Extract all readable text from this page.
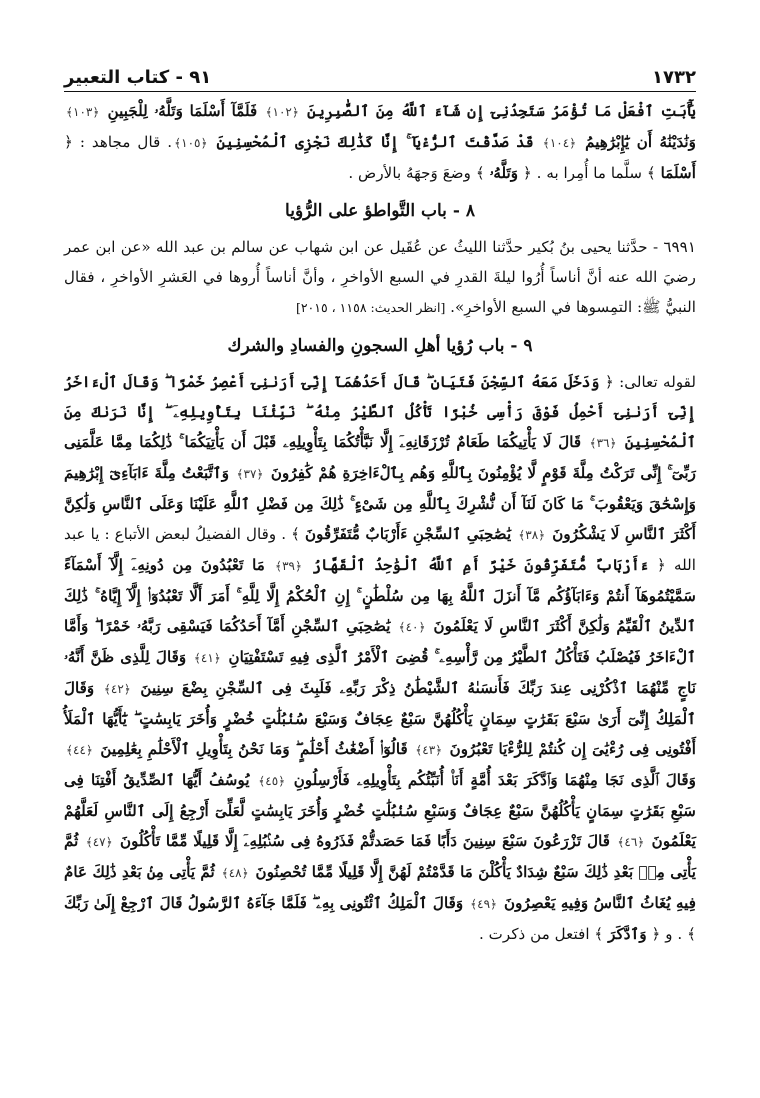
١٧٣٢
٩١ - كتاب التعبير

يَٰٓأَبَتِ ٱفْعَلْ مَا تُؤْمَرُ سَتَجِدُنِىٓ إِن شَآءَ ٱللَّهُ مِنَ ٱلصَّٰبِرِينَ ﴿١٠٢﴾ فَلَمَّآ أَسْلَمَا وَتَلَّهُۥ لِلْجَبِينِ ﴿١٠٣﴾ وَنَٰدَيْنَٰهُ أَن يَٰٓإِبْرَٰهِيمُ ﴿١٠٤﴾ قَدْ صَدَّقْتَ ٱلرُّءْيَآ ۚ إِنَّا كَذَٰلِكَ نَجْزِى ٱلْمُحْسِنِينَ ﴿١٠٥﴾. قال مجاهد : ﴿ أَسْلَمَا ﴾ سلَّما ما أُمِرا به . ﴿ وَتَلَّهُۥ ﴾ وضعَ وَجهَهُ بالأرض .

٨ - باب التَّواطؤ على الرُّؤيا

٦٩٩١ - حدَّثنا يحيى بنُ بُكير حدَّثنا الليثُ عن عُقَيل عن ابن شهاب عن سالم بن عبد الله «عن ابن عمر رضيَ الله عنه أنَّ أناساً أُرُوا ليلةَ القدرِ في السبع الأواخرِ ، وأنَّ أناساً أُروها في العَشرِ الأواخرِ ، فقال النبيُّ ﷺ: التمِسوها في السبع الأواخرِ». [انظر الحديث: ١١٥٨ ، ٢٠١٥]

٩ - باب رُؤيا أهلِ السجونِ والفسادِ والشرك

لقوله تعالى: ﴿ وَدَخَلَ مَعَهُ ٱلسِّجْنَ فَتَيَانِ ۖ قَالَ أَحَدُهُمَآ إِنِّىٓ أَرَىٰنِىٓ أَعْصِرُ خَمْرًا ۖ وَقَالَ ٱلْءَاخَرُ إِنِّىٓ أَرَىٰنِىٓ أَحْمِلُ فَوْقَ رَأْسِى خُبْزًا تَأْكُلُ ٱلطَّيْرُ مِنْهُ ۖ نَبِّئْنَا بِتَأْوِيلِهِۦٓ ۖ إِنَّا نَرَىٰكَ مِنَ ٱلْمُحْسِنِينَ ﴿٣٦﴾ قَالَ لَا يَأْتِيكُمَا طَعَامٌ تُرْزَقَانِهِۦٓ إِلَّا نَبَّأْتُكُمَا بِتَأْوِيلِهِۦ قَبْلَ أَن يَأْتِيَكُمَا ۚ ذَٰلِكُمَا مِمَّا عَلَّمَنِى رَبِّىٓ ۚ إِنِّى تَرَكْتُ مِلَّةَ قَوْمٍ لَّا يُؤْمِنُونَ بِٱللَّهِ وَهُم بِٱلْءَاخِرَةِ هُمْ كَٰفِرُونَ ﴿٣٧﴾ وَٱتَّبَعْتُ مِلَّةَ ءَابَآءِىٓ إِبْرَٰهِيمَ وَإِسْحَٰقَ وَيَعْقُوبَ ۚ مَا كَانَ لَنَآ أَن نُّشْرِكَ بِٱللَّهِ مِن شَىْءٍ ۚ ذَٰلِكَ مِن فَضْلِ ٱللَّهِ عَلَيْنَا وَعَلَى ٱلنَّاسِ وَلَٰكِنَّ أَكْثَرَ ٱلنَّاسِ لَا يَشْكُرُونَ ﴿٣٨﴾ يَٰصَٰحِبَىِ ٱلسِّجْنِ ءَأَرْبَابٌ مُّتَفَرِّقُونَ ﴾ . وقال الفضيلُ لبعض الأتباع : يا عبد الله ﴿ ءَأَرْبَابٌ مُّتَفَرِّقُونَ خَيْرٌ أَمِ ٱللَّهُ ٱلْوَٰحِدُ ٱلْقَهَّارُ ﴿٣٩﴾ مَا تَعْبُدُونَ مِن دُونِهِۦٓ إِلَّآ أَسْمَآءً سَمَّيْتُمُوهَآ أَنتُمْ وَءَابَآؤُكُم مَّآ أَنزَلَ ٱللَّهُ بِهَا مِن سُلْطَٰنٍ ۚ إِنِ ٱلْحُكْمُ إِلَّا لِلَّهِ ۚ أَمَرَ أَلَّا تَعْبُدُوٓا۟ إِلَّآ إِيَّاهُ ۚ ذَٰلِكَ ٱلدِّينُ ٱلْقَيِّمُ وَلَٰكِنَّ أَكْثَرَ ٱلنَّاسِ لَا يَعْلَمُونَ ﴿٤٠﴾ يَٰصَٰحِبَىِ ٱلسِّجْنِ أَمَّآ أَحَدُكُمَا فَيَسْقِى رَبَّهُۥ خَمْرًا ۖ وَأَمَّا ٱلْءَاخَرُ فَيُصْلَبُ فَتَأْكُلُ ٱلطَّيْرُ مِن رَّأْسِهِۦ ۚ قُضِىَ ٱلْأَمْرُ ٱلَّذِى فِيهِ تَسْتَفْتِيَانِ ﴿٤١﴾ وَقَالَ لِلَّذِى ظَنَّ أَنَّهُۥ نَاجٍ مِّنْهُمَا ٱذْكُرْنِى عِندَ رَبِّكَ فَأَنسَىٰهُ ٱلشَّيْطَٰنُ ذِكْرَ رَبِّهِۦ فَلَبِثَ فِى ٱلسِّجْنِ بِضْعَ سِنِينَ ﴿٤٢﴾ وَقَالَ ٱلْمَلِكُ إِنِّىٓ أَرَىٰ سَبْعَ بَقَرَٰتٍ سِمَانٍ يَأْكُلُهُنَّ سَبْعٌ عِجَافٌ وَسَبْعَ سُنۢبُلَٰتٍ خُضْرٍ وَأُخَرَ يَابِسَٰتٍ ۖ يَٰٓأَيُّهَا ٱلْمَلَأُ أَفْتُونِى فِى رُءْيَٰىَ إِن كُنتُمْ لِلرُّءْيَا تَعْبُرُونَ ﴿٤٣﴾ قَالُوٓا۟ أَضْغَٰثُ أَحْلَٰمٍ ۖ وَمَا نَحْنُ بِتَأْوِيلِ ٱلْأَحْلَٰمِ بِعَٰلِمِينَ ﴿٤٤﴾ وَقَالَ ٱلَّذِى نَجَا مِنْهُمَا وَٱدَّكَرَ بَعْدَ أُمَّةٍ أَنَا۠ أُنَبِّئُكُم بِتَأْوِيلِهِۦ فَأَرْسِلُونِ ﴿٤٥﴾ يُوسُفُ أَيُّهَا ٱلصِّدِّيقُ أَفْتِنَا فِى سَبْعِ بَقَرَٰتٍ سِمَانٍ يَأْكُلُهُنَّ سَبْعٌ عِجَافٌ وَسَبْعِ سُنۢبُلَٰتٍ خُضْرٍ وَأُخَرَ يَابِسَٰتٍ لَّعَلِّىٓ أَرْجِعُ إِلَى ٱلنَّاسِ لَعَلَّهُمْ يَعْلَمُونَ ﴿٤٦﴾ قَالَ تَزْرَعُونَ سَبْعَ سِنِينَ دَأَبًا فَمَا حَصَدتُّمْ فَذَرُوهُ فِى سُنۢبُلِهِۦٓ إِلَّا قَلِيلًا مِّمَّا تَأْكُلُونَ ﴿٤٧﴾ ثُمَّ يَأْتِى مِنۢ بَعْدِ ذَٰلِكَ سَبْعٌ شِدَادٌ يَأْكُلْنَ مَا قَدَّمْتُمْ لَهُنَّ إِلَّا قَلِيلًا مِّمَّا تُحْصِنُونَ ﴿٤٨﴾ ثُمَّ يَأْتِى مِنۢ بَعْدِ ذَٰلِكَ عَامٌ فِيهِ يُغَاثُ ٱلنَّاسُ وَفِيهِ يَعْصِرُونَ ﴿٤٩﴾ وَقَالَ ٱلْمَلِكُ ٱئْتُونِى بِهِۦ ۖ فَلَمَّا جَآءَهُ ٱلرَّسُولُ قَالَ ٱرْجِعْ إِلَىٰ رَبِّكَ ﴾ . و ﴿ وَٱدَّكَرَ ﴾ افتعل من ذكرت .
